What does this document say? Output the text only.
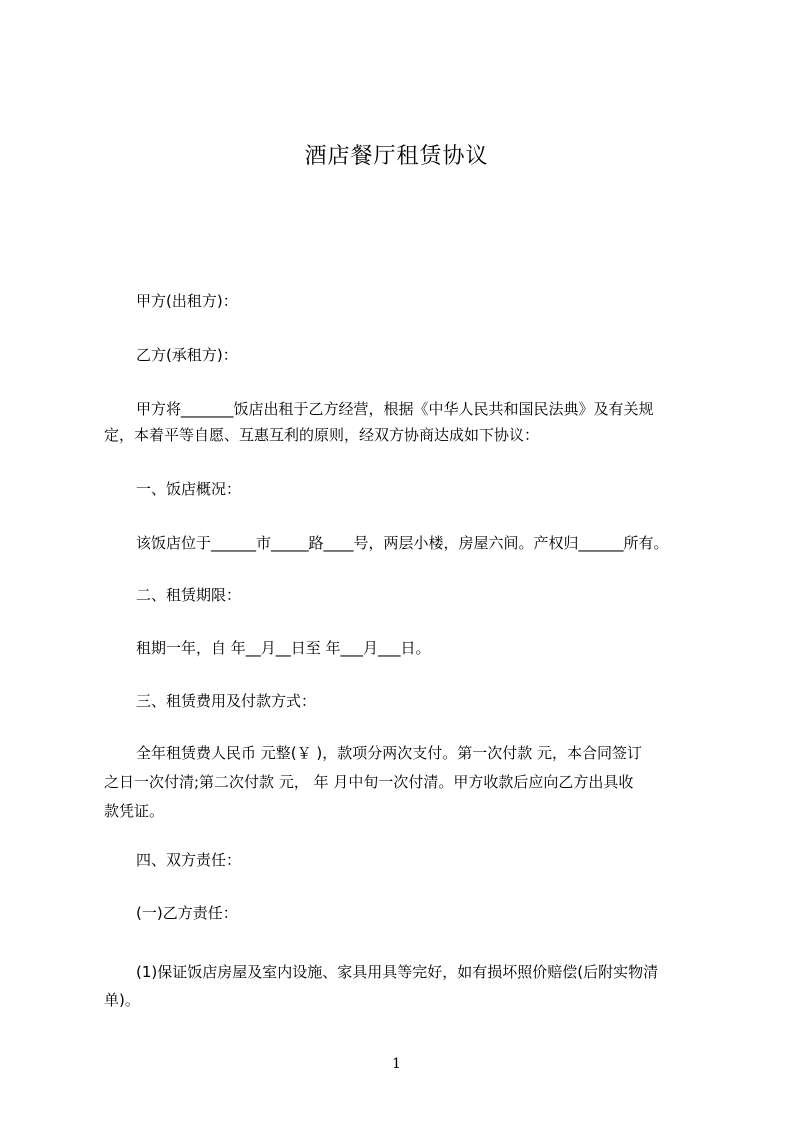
酒店餐厅租赁协议
甲方(出租方)：
乙方(承租方)：
甲方将_______饭店出租于乙方经营，根据《中华人民共和国民法典》及有关规
定，本着平等自愿、互惠互利的原则，经双方协商达成如下协议：
一、饭店概况：
该饭店位于______市_____路____号，两层小楼，房屋六间。产权归______所有。
二、租赁期限：
租期一年，自 年__月__日至 年___月___日。
三、租赁费用及付款方式：
全年租赁费人民币 元整(￥ )，款项分两次支付。第一次付款 元，本合同签订
之日一次付清;第二次付款 元， 年 月中旬一次付清。甲方收款后应向乙方出具收
款凭证。
四、双方责任：
(一)乙方责任：
(1)保证饭店房屋及室内设施、家具用具等完好，如有损坏照价赔偿(后附实物清
单)。
1
